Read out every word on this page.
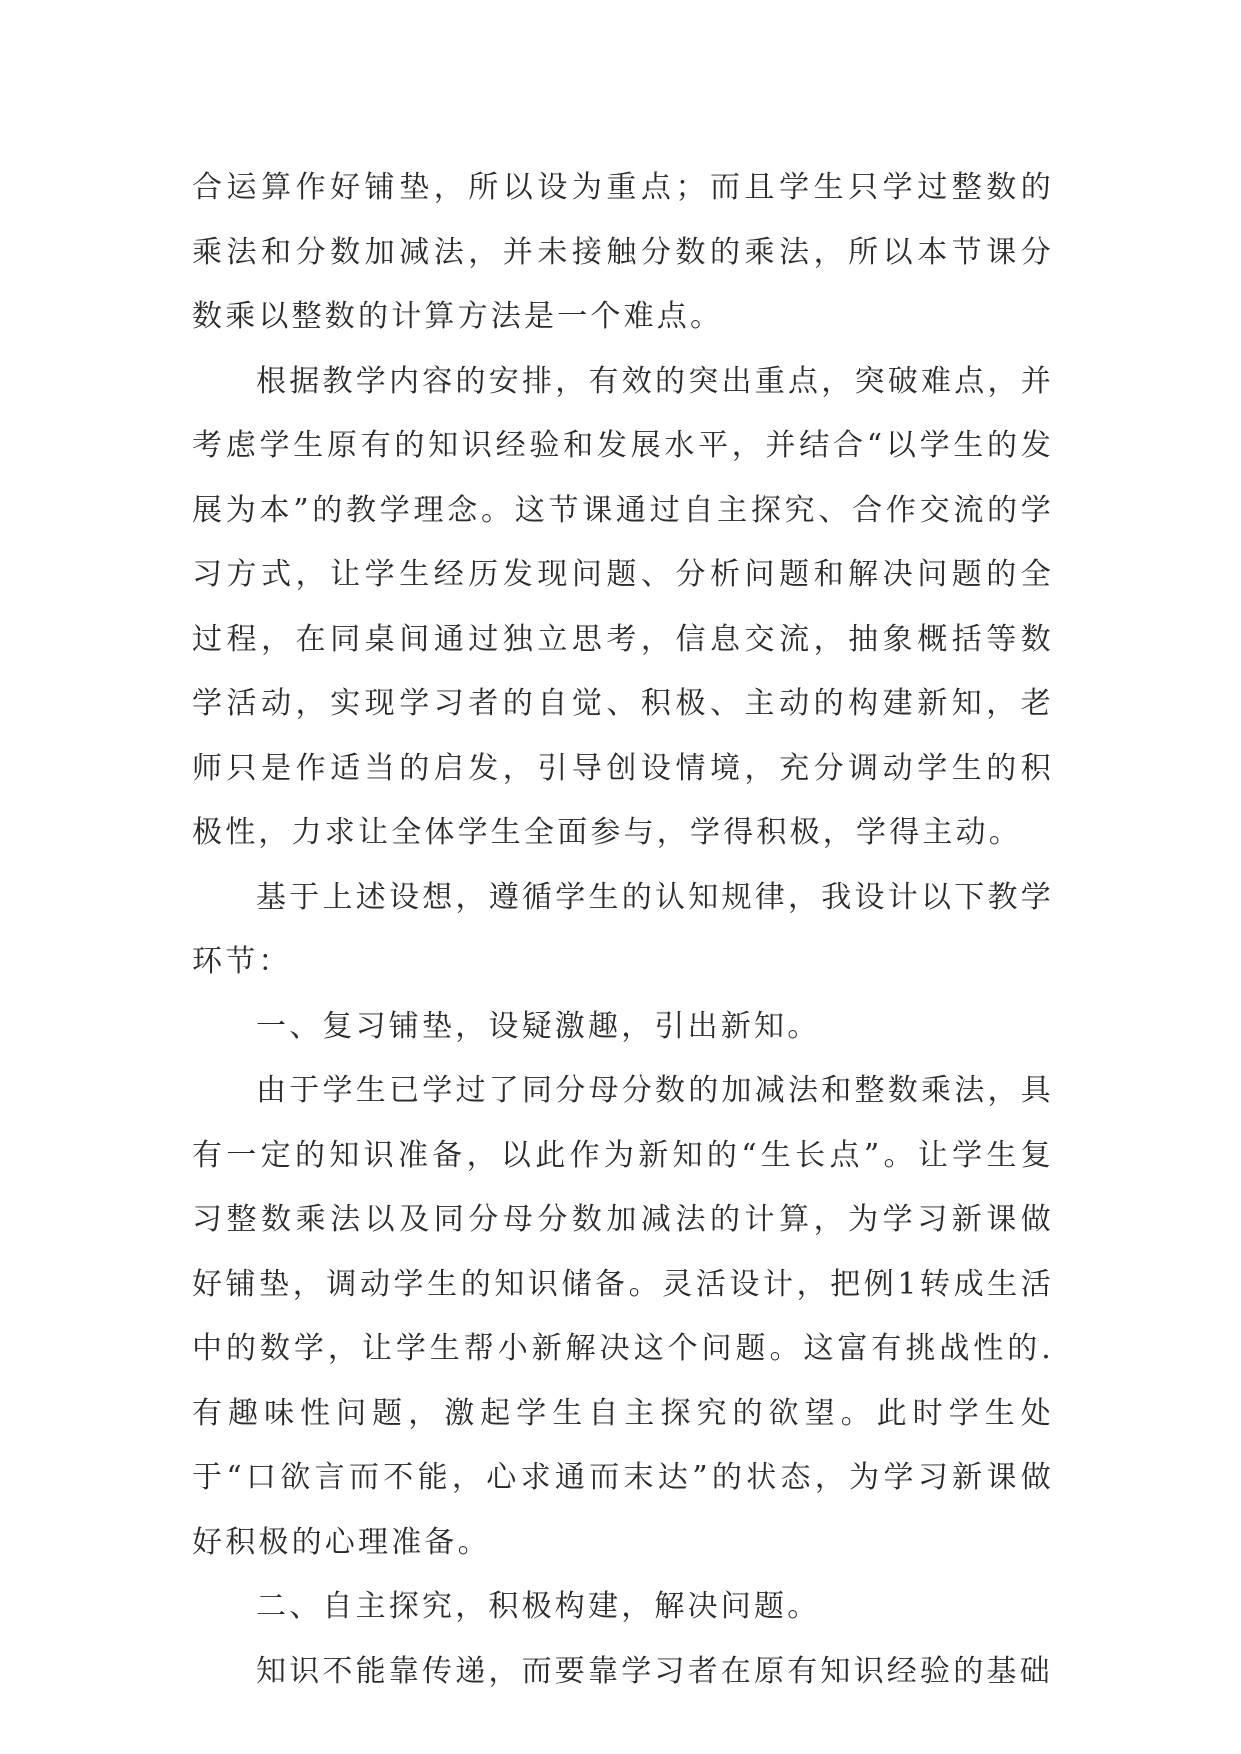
合运算作好铺垫，所以设为重点；而且学生只学过整数的乘法和分数加减法，并未接触分数的乘法，所以本节课分数乘以整数的计算方法是一个难点。

根据教学内容的安排，有效的突出重点，突破难点，并考虑学生原有的知识经验和发展水平，并结合“以学生的发展为本”的教学理念。这节课通过自主探究、合作交流的学习方式，让学生经历发现问题、分析问题和解决问题的全过程，在同桌间通过独立思考，信息交流，抽象概括等数学活动，实现学习者的自觉、积极、主动的构建新知，老师只是作适当的启发，引导创设情境，充分调动学生的积极性，力求让全体学生全面参与，学得积极，学得主动。

基于上述设想，遵循学生的认知规律，我设计以下教学环节：

一、复习铺垫，设疑激趣，引出新知。

由于学生已学过了同分母分数的加减法和整数乘法，具有一定的知识准备，以此作为新知的“生长点”。让学生复习整数乘法以及同分母分数加减法的计算，为学习新课做好铺垫，调动学生的知识储备。灵活设计，把例1转成生活中的数学，让学生帮小新解决这个问题。这富有挑战性的.有趣味性问题，激起学生自主探究的欲望。此时学生处于“口欲言而不能，心求通而末达”的状态，为学习新课做好积极的心理准备。

二、自主探究，积极构建，解决问题。

知识不能靠传递，而要靠学习者在原有知识经验的基础
